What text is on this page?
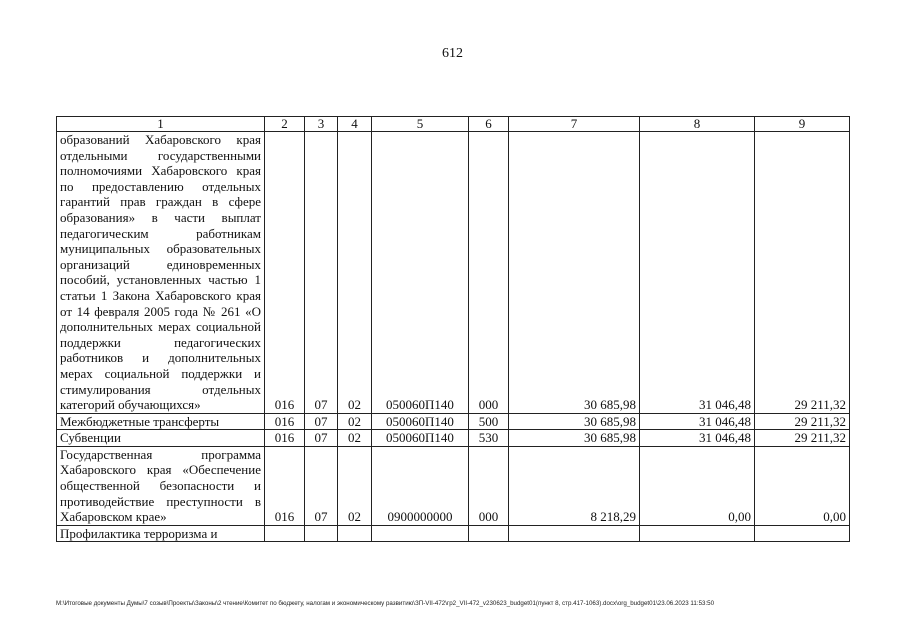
612
1	2	3	4	5	6	7	8	9
образований Хабаровского края отдельными государственными полномочиями Хабаровского края по предоставлению отдельных гарантий прав граждан в сфере образования» в части выплат педагогическим работникам муниципальных образовательных организаций единовременных пособий, установленных частью 1 статьи 1 Закона Хабаровского края от 14 февраля 2005 года № 261 «О дополнительных мерах социальной поддержки педагогических работников и дополнительных мерах социальной поддержки и стимулирования отдельных категорий обучающихся»	016	07	02	050060П140	000	30 685,98	31 046,48	29 211,32
Межбюджетные трансферты	016	07	02	050060П140	500	30 685,98	31 046,48	29 211,32
Субвенции	016	07	02	050060П140	530	30 685,98	31 046,48	29 211,32
Государственная программа Хабаровского края «Обеспечение общественной безопасности и противодействие преступности в Хабаровском крае»	016	07	02	0900000000	000	8 218,29	0,00	0,00
Профилактика терроризма и								
M:\Итоговые документы Думы\7 созыв\Проекты\Законы\2 чтение\Комитет по бюджету, налогам и экономическому развитию\ЗП-VII-472\гр2_VII-472_v230623_budget01(пункт 8, стр.417-1063).docx\org_budget01\23.06.2023 11:53:50
